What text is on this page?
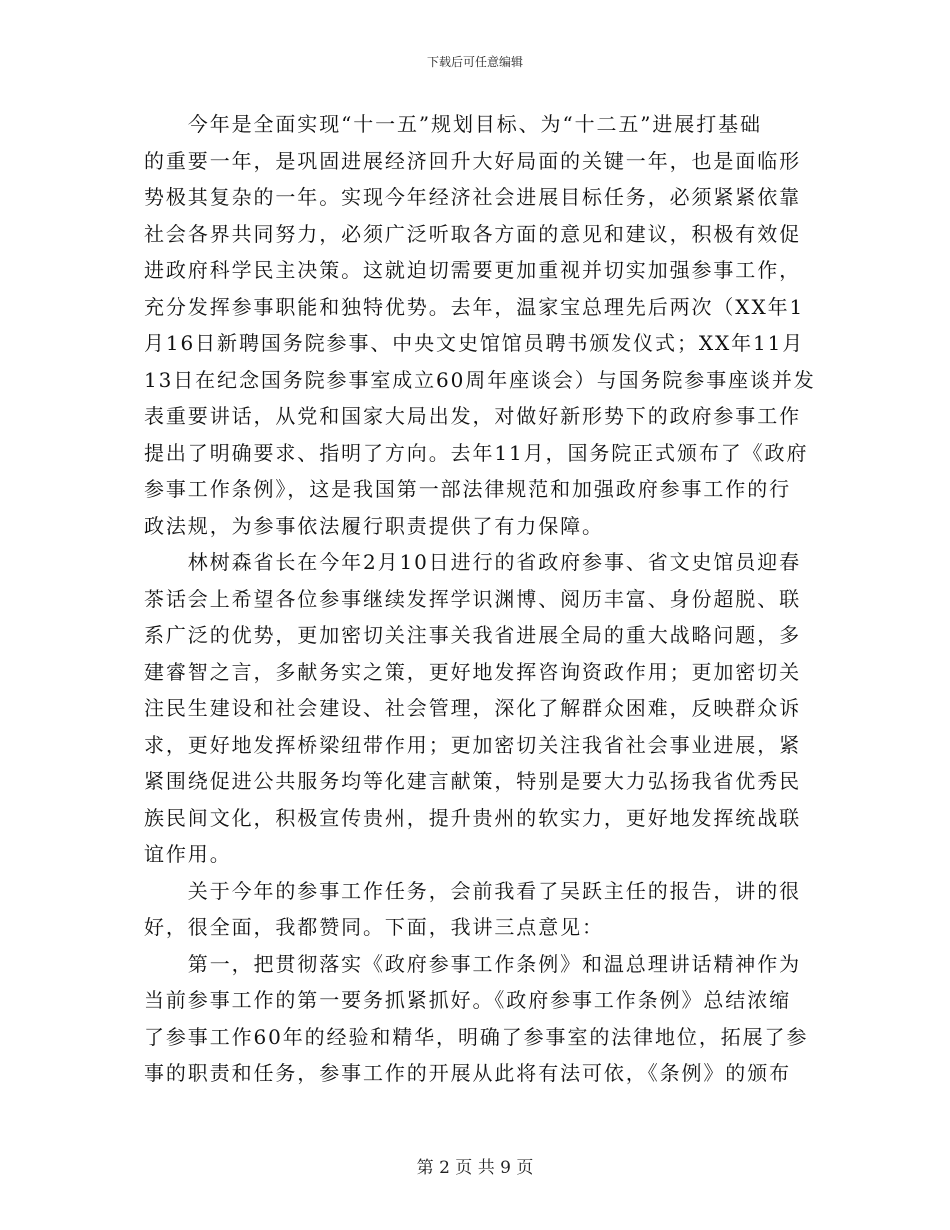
下载后可任意编辑
　　今年是全面实现“十一五”规划目标、为“十二五”进展打基础
的重要一年，是巩固进展经济回升大好局面的关键一年，也是面临形
势极其复杂的一年。实现今年经济社会进展目标任务，必须紧紧依靠
社会各界共同努力，必须广泛听取各方面的意见和建议，积极有效促
进政府科学民主决策。这就迫切需要更加重视并切实加强参事工作，
充分发挥参事职能和独特优势。去年，温家宝总理先后两次（XX年1
月16日新聘国务院参事、中央文史馆馆员聘书颁发仪式；XX年11月
13日在纪念国务院参事室成立60周年座谈会）与国务院参事座谈并发
表重要讲话，从党和国家大局出发，对做好新形势下的政府参事工作
提出了明确要求、指明了方向。去年11月，国务院正式颁布了《政府
参事工作条例》，这是我国第一部法律规范和加强政府参事工作的行
政法规，为参事依法履行职责提供了有力保障。
　　林树森省长在今年2月10日进行的省政府参事、省文史馆员迎春
茶话会上希望各位参事继续发挥学识渊博、阅历丰富、身份超脱、联
系广泛的优势，更加密切关注事关我省进展全局的重大战略问题，多
建睿智之言，多献务实之策，更好地发挥咨询资政作用；更加密切关
注民生建设和社会建设、社会管理，深化了解群众困难，反映群众诉
求，更好地发挥桥梁纽带作用；更加密切关注我省社会事业进展，紧
紧围绕促进公共服务均等化建言献策，特别是要大力弘扬我省优秀民
族民间文化，积极宣传贵州，提升贵州的软实力，更好地发挥统战联
谊作用。
　　关于今年的参事工作任务，会前我看了吴跃主任的报告，讲的很
好，很全面，我都赞同。下面，我讲三点意见：
　　第一，把贯彻落实《政府参事工作条例》和温总理讲话精神作为
当前参事工作的第一要务抓紧抓好。《政府参事工作条例》总结浓缩
了参事工作60年的经验和精华，明确了参事室的法律地位，拓展了参
事的职责和任务，参事工作的开展从此将有法可依，《条例》的颁布
第 2 页 共 9 页
